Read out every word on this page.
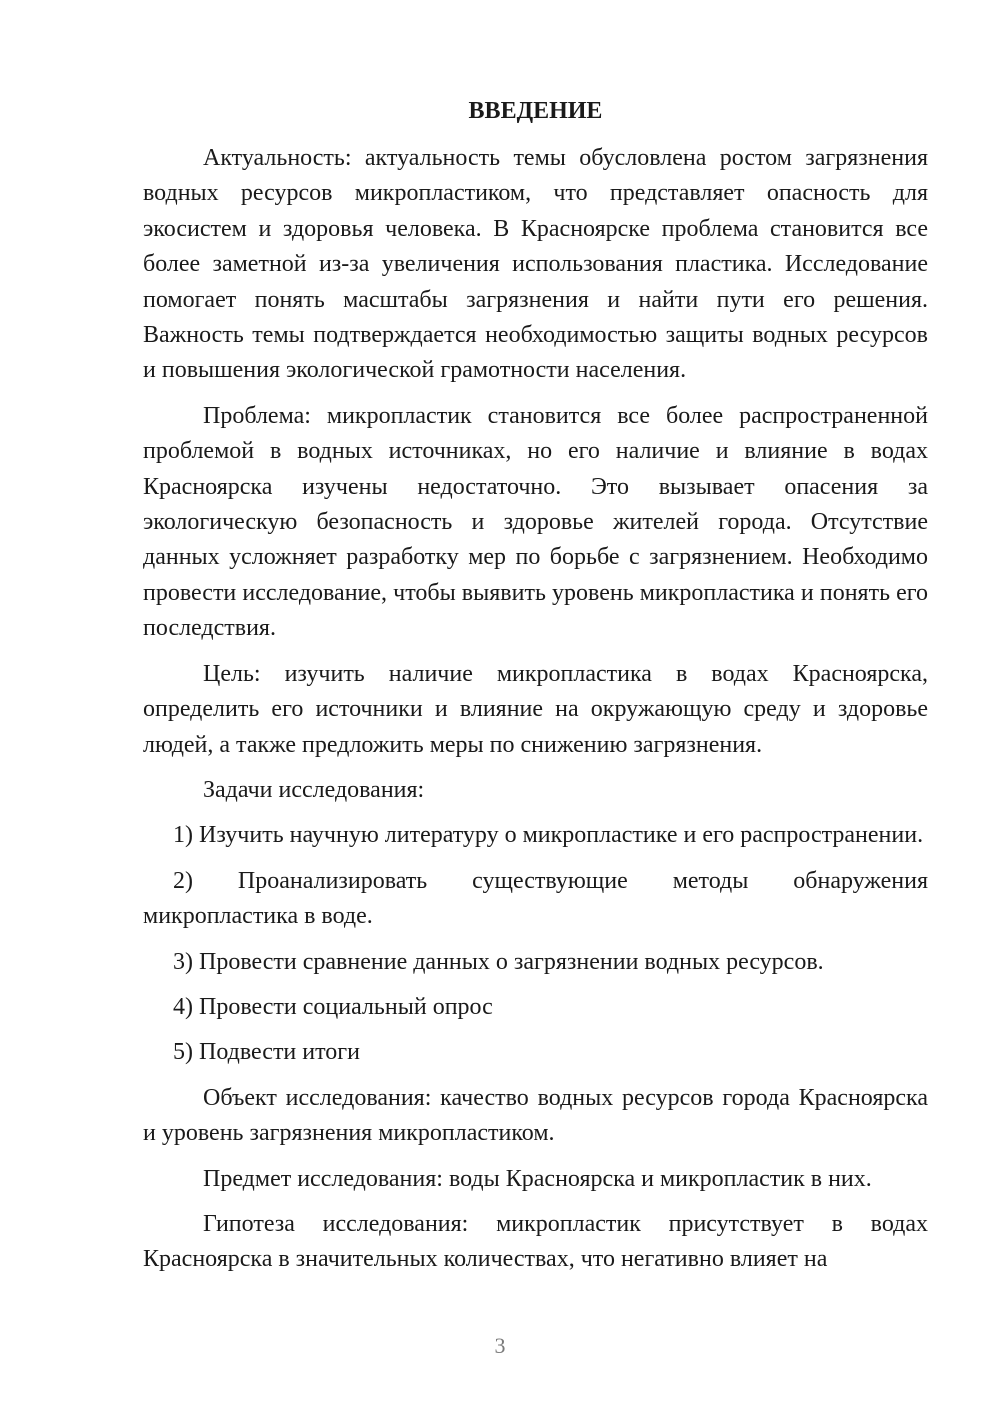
ВВЕДЕНИЕ

Актуальность: актуальность темы обусловлена ростом загрязнения водных ресурсов микропластиком, что представляет опасность для экосистем и здоровья человека. В Красноярске проблема становится все более заметной из-за увеличения использования пластика. Исследование помогает понять масштабы загрязнения и найти пути его решения. Важность темы подтверждается необходимостью защиты водных ресурсов и повышения экологической грамотности населения.

Проблема: микропластик становится все более распространенной проблемой в водных источниках, но его наличие и влияние в водах Красноярска изучены недостаточно. Это вызывает опасения за экологическую безопасность и здоровье жителей города. Отсутствие данных усложняет разработку мер по борьбе с загрязнением. Необходимо провести исследование, чтобы выявить уровень микропластика и понять его последствия.

Цель: изучить наличие микропластика в водах Красноярска, определить его источники и влияние на окружающую среду и здоровье людей, а также предложить меры по снижению загрязнения.

Задачи исследования:

1) Изучить научную литературу о микропластике и его распространении.

2) Проанализировать существующие методы обнаружения микропластика в воде.

3) Провести сравнение данных о загрязнении водных ресурсов.

4) Провести социальный опрос

5) Подвести итоги

Объект исследования: качество водных ресурсов города Красноярска и уровень загрязнения микропластиком.

Предмет исследования: воды Красноярска и микропластик в них.

Гипотеза исследования: микропластик присутствует в водах Красноярска в значительных количествах, что негативно влияет на

3
